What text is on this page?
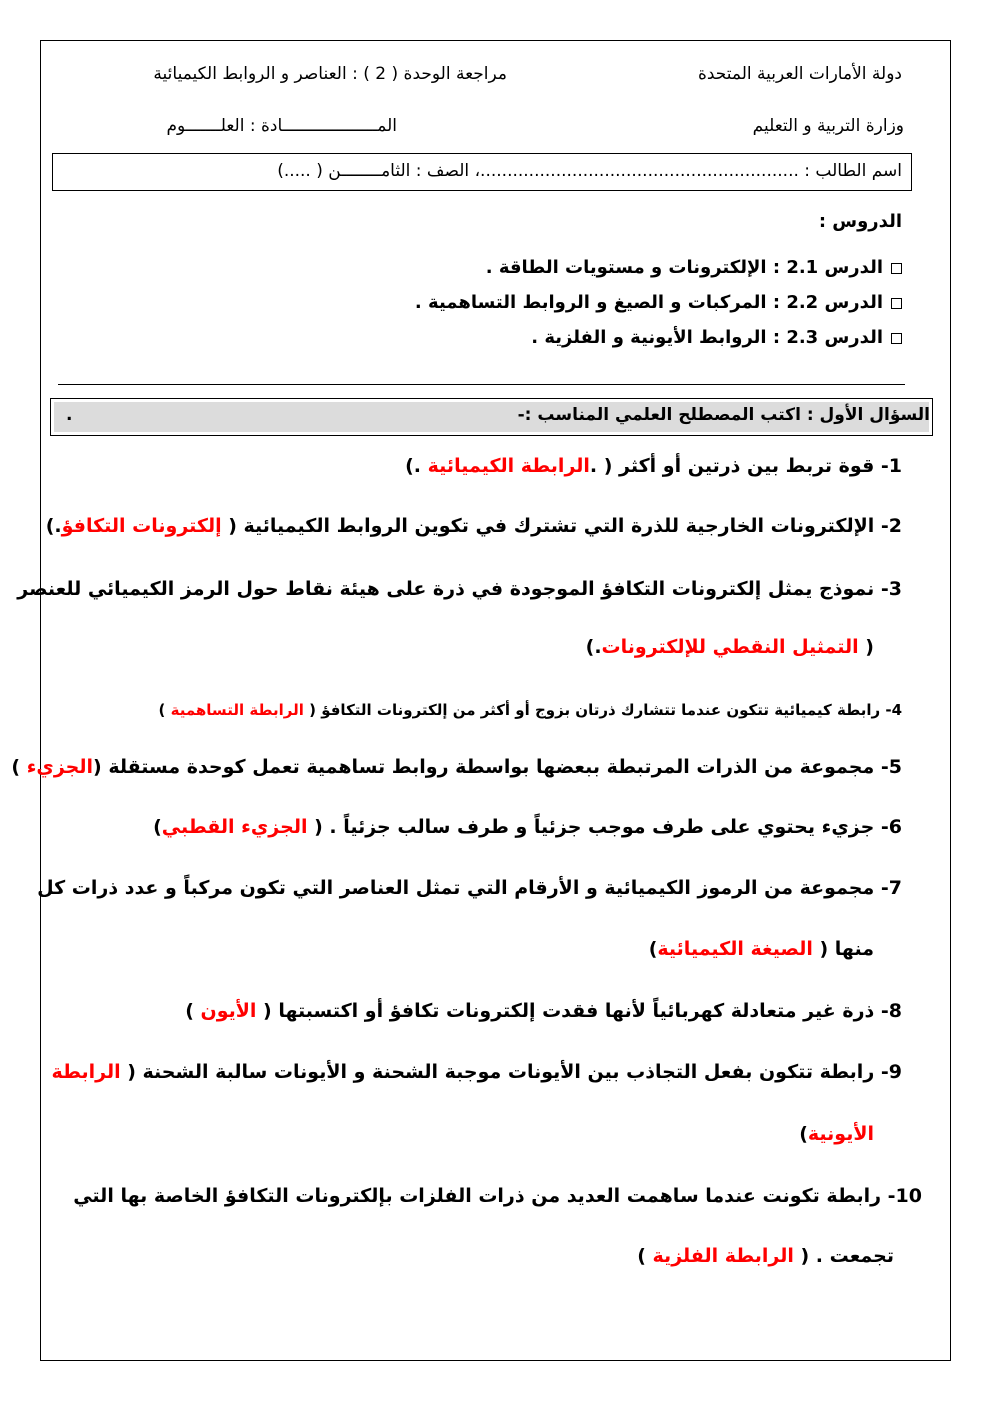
دولة الأمارات العربية المتحدة
مراجعة الوحدة ( 2 ) : العناصر و الروابط الكيميائية
وزارة التربية و التعليم
المـــــــــــــــــــادة : العلـــــــوم
اسم الطالب : ...........................................................، الصف : الثامــــــــن ( .....)
الدروس :
الدرس 2.1 : الإلكترونات و مستويات الطاقة .
الدرس 2.2 : المركبات و الصيغ و الروابط التساهمية .
الدرس 2.3 : الروابط الأيونية و الفلزية .
السؤال الأول : اكتب المصطلح العلمي المناسب :-
.
1- قوة تربط بين ذرتين أو أكثر ( .الرابطة الكيميائية .)
2- الإلكترونات الخارجية للذرة التي تشترك في تكوين الروابط الكيميائية ( إلكترونات التكافؤ.)
3- نموذج يمثل إلكترونات التكافؤ الموجودة في ذرة على هيئة نقاط حول الرمز الكيميائي للعنصر
( التمثيل النقطي للإلكترونات.)
4- رابطة كيميائية تتكون عندما تتشارك ذرتان بزوج أو أكثر من إلكترونات التكافؤ ( الرابطة التساهمية )
5- مجموعة من الذرات المرتبطة ببعضها بواسطة روابط تساهمية تعمل كوحدة مستقلة (الجزيء )
6- جزيء يحتوي على طرف موجب جزئياً و طرف سالب جزئياً . ( الجزيء القطبي)
7- مجموعة من الرموز الكيميائية و الأرقام التي تمثل العناصر التي تكون مركباً و عدد ذرات كل
منها ( الصيغة الكيميائية)
8- ذرة غير متعادلة كهربائياً لأنها فقدت إلكترونات تكافؤ أو اكتسبتها ( الأيون )
9- رابطة تتكون بفعل التجاذب بين الأيونات موجبة الشحنة و الأيونات سالبة الشحنة ( الرابطة
الأيونية)
10- رابطة تكونت عندما ساهمت العديد من ذرات الفلزات بإلكترونات التكافؤ الخاصة بها التي
تجمعت . ( الرابطة الفلزية )
